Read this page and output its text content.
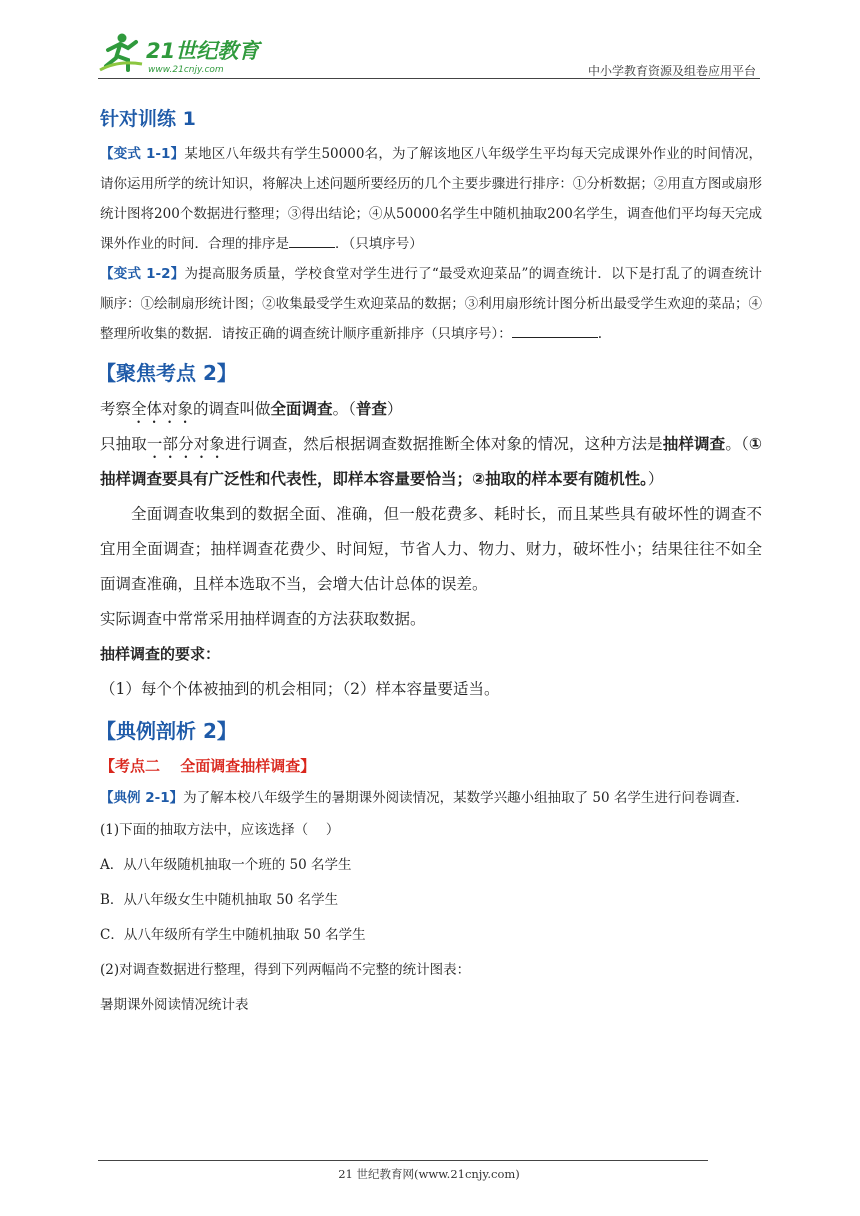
21世纪教育
www.21cnjy.com	中小学教育资源及组卷应用平台
针对训练 1

【变式 1-1】某地区八年级共有学生50000名，为了解该地区八年级学生平均每天完成课外作业的时间情况，请你运用所学的统计知识，将解决上述问题所要经历的几个主要步骤进行排序：①分析数据；②用直方图或扇形统计图将200个数据进行整理；③得出结论；④从50000名学生中随机抽取200名学生，调查他们平均每天完成课外作业的时间．合理的排序是	．（只填序号）

【变式 1-2】为提高服务质量，学校食堂对学生进行了“最受欢迎菜品”的调查统计．以下是打乱了的调查统计顺序：①绘制扇形统计图；②收集最受学生欢迎菜品的数据；③利用扇形统计图分析出最受学生欢迎的菜品；④整理所收集的数据．请按正确的调查统计顺序重新排序（只填序号）：	.

【聚焦考点 2】

考察全体对象的调查叫做全面调查。（普查）

只抽取一部分对象进行调查，然后根据调查数据推断全体对象的情况，这种方法是抽样调查。（①抽样调查要具有广泛性和代表性，即样本容量要恰当；②抽取的样本要有随机性。）

全面调查收集到的数据全面、准确，但一般花费多、耗时长，而且某些具有破坏性的调查不宜用全面调查；抽样调查花费少、时间短，节省人力、物力、财力，破坏性小；结果往往不如全面调查准确，且样本选取不当，会增大估计总体的误差。

实际调查中常常采用抽样调查的方法获取数据。

抽样调查的要求：

（1）每个个体被抽到的机会相同；（2）样本容量要适当。

【典例剖析 2】

【考点二　 全面调查抽样调查】

【典例 2-1】为了解本校八年级学生的暑期课外阅读情况，某数学兴趣小组抽取了 50 名学生进行问卷调查.

(1)下面的抽取方法中，应该选择（　 ）

A．从八年级随机抽取一个班的 50 名学生

B．从八年级女生中随机抽取 50 名学生

C．从八年级所有学生中随机抽取 50 名学生

(2)对调查数据进行整理，得到下列两幅尚不完整的统计图表：

暑期课外阅读情况统计表

21 世纪教育网(www.21cnjy.com)
